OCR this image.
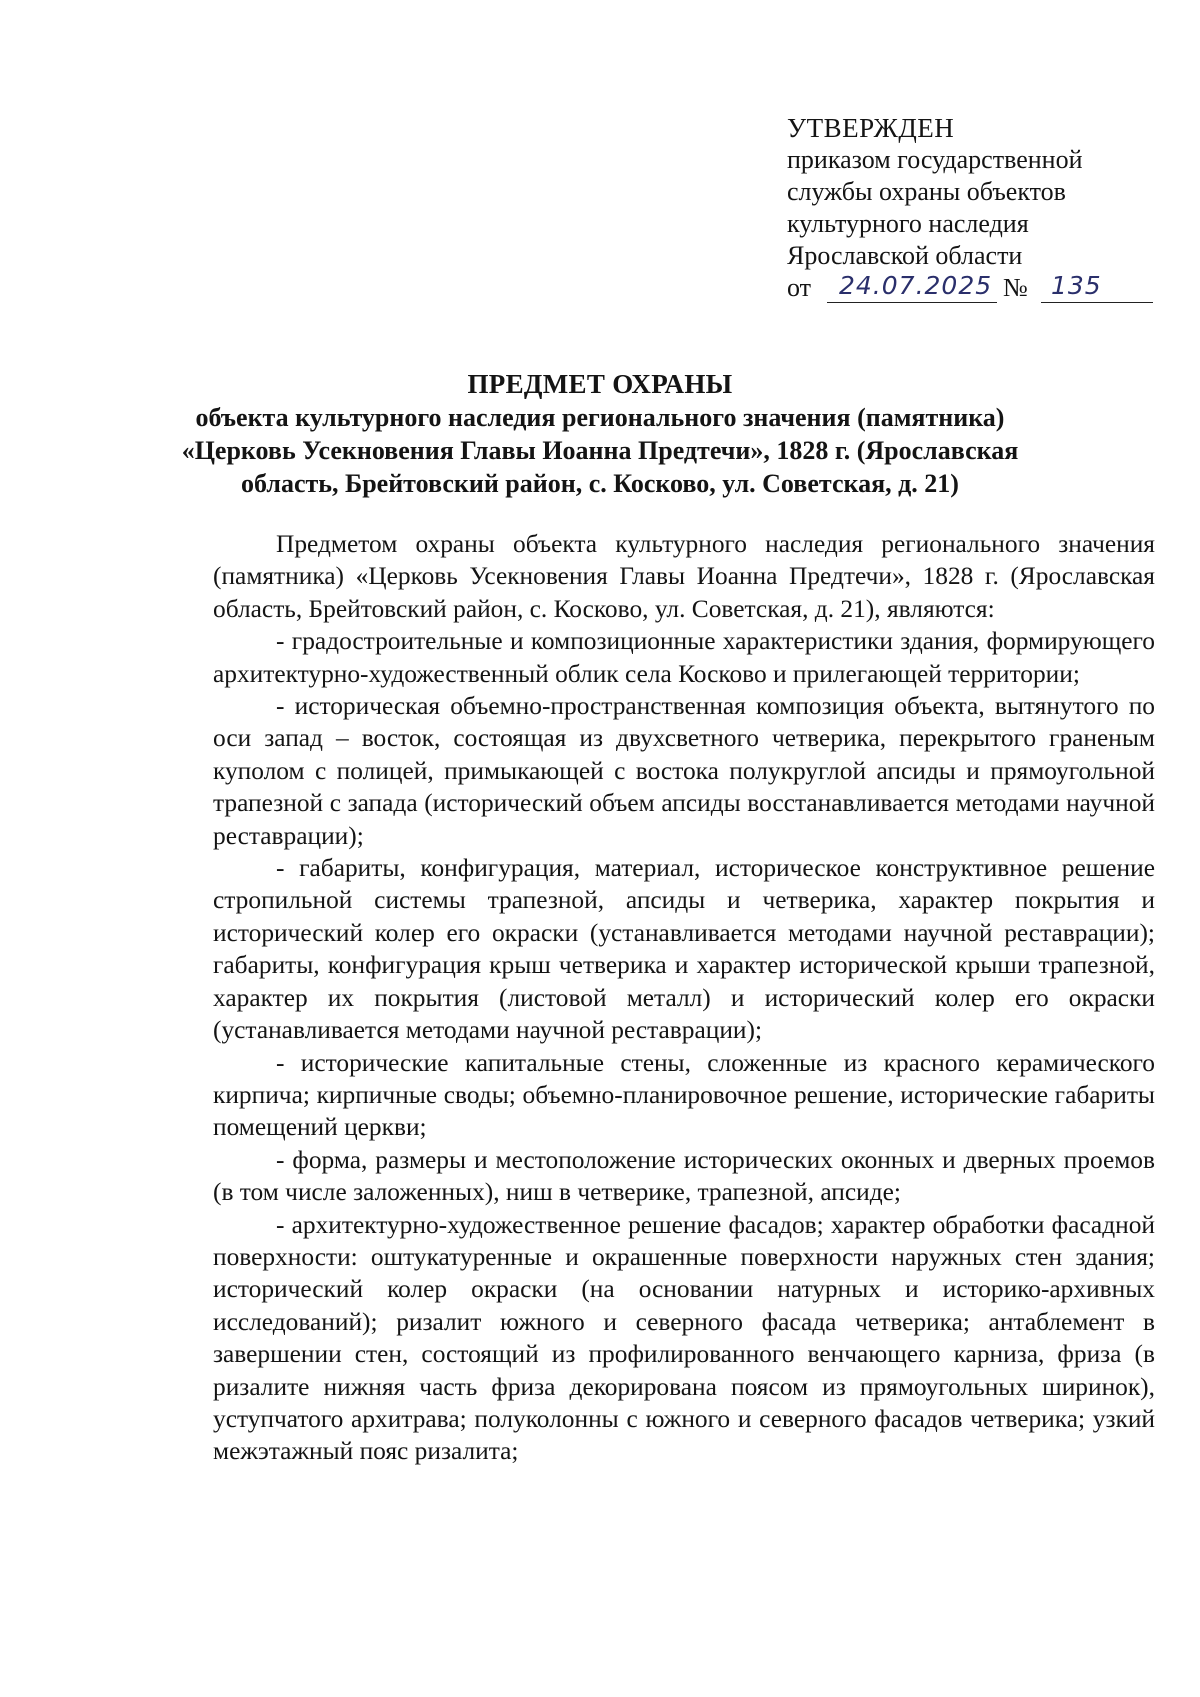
УТВЕРЖДЕН
приказом государственной
службы охраны объектов
культурного наследия
Ярославской области
от 24.07.2025 № 135
ПРЕДМЕТ ОХРАНЫ
объекта культурного наследия регионального значения (памятника)
«Церковь Усекновения Главы Иоанна Предтечи», 1828 г. (Ярославская
область, Брейтовский район, с. Косково, ул. Советская, д. 21)

Предметом охраны объекта культурного наследия регионального значения (памятника) «Церковь Усекновения Главы Иоанна Предтечи», 1828 г. (Ярославская область, Брейтовский район, с. Косково, ул. Советская, д. 21), являются:

- градостроительные и композиционные характеристики здания, формирующего архитектурно-художественный облик села Косково и прилегающей территории;

- историческая объемно-пространственная композиция объекта, вытянутого по оси запад – восток, состоящая из двухсветного четверика, перекрытого граненым куполом с полицей, примыкающей с востока полукруглой апсиды и прямоугольной трапезной с запада (исторический объем апсиды восстанавливается методами научной реставрации);

- габариты, конфигурация, материал, историческое конструктивное решение стропильной системы трапезной, апсиды и четверика, характер покрытия и исторический колер его окраски (устанавливается методами научной реставрации); габариты, конфигурация крыш четверика и характер исторической крыши трапезной, характер их покрытия (листовой металл) и исторический колер его окраски (устанавливается методами научной реставрации);

- исторические капитальные стены, сложенные из красного керамического кирпича; кирпичные своды; объемно-планировочное решение, исторические габариты помещений церкви;

- форма, размеры и местоположение исторических оконных и дверных проемов (в том числе заложенных), ниш в четверике, трапезной, апсиде;

- архитектурно-художественное решение фасадов; характер обработки фасадной поверхности: оштукатуренные и окрашенные поверхности наружных стен здания; исторический колер окраски (на основании натурных и историко-архивных исследований); ризалит южного и северного фасада четверика; антаблемент в завершении стен, состоящий из профилированного венчающего карниза, фриза (в ризалите нижняя часть фриза декорирована поясом из прямоугольных ширинок), уступчатого архитрава; полуколонны с южного и северного фасадов четверика; узкий межэтажный пояс ризалита;
